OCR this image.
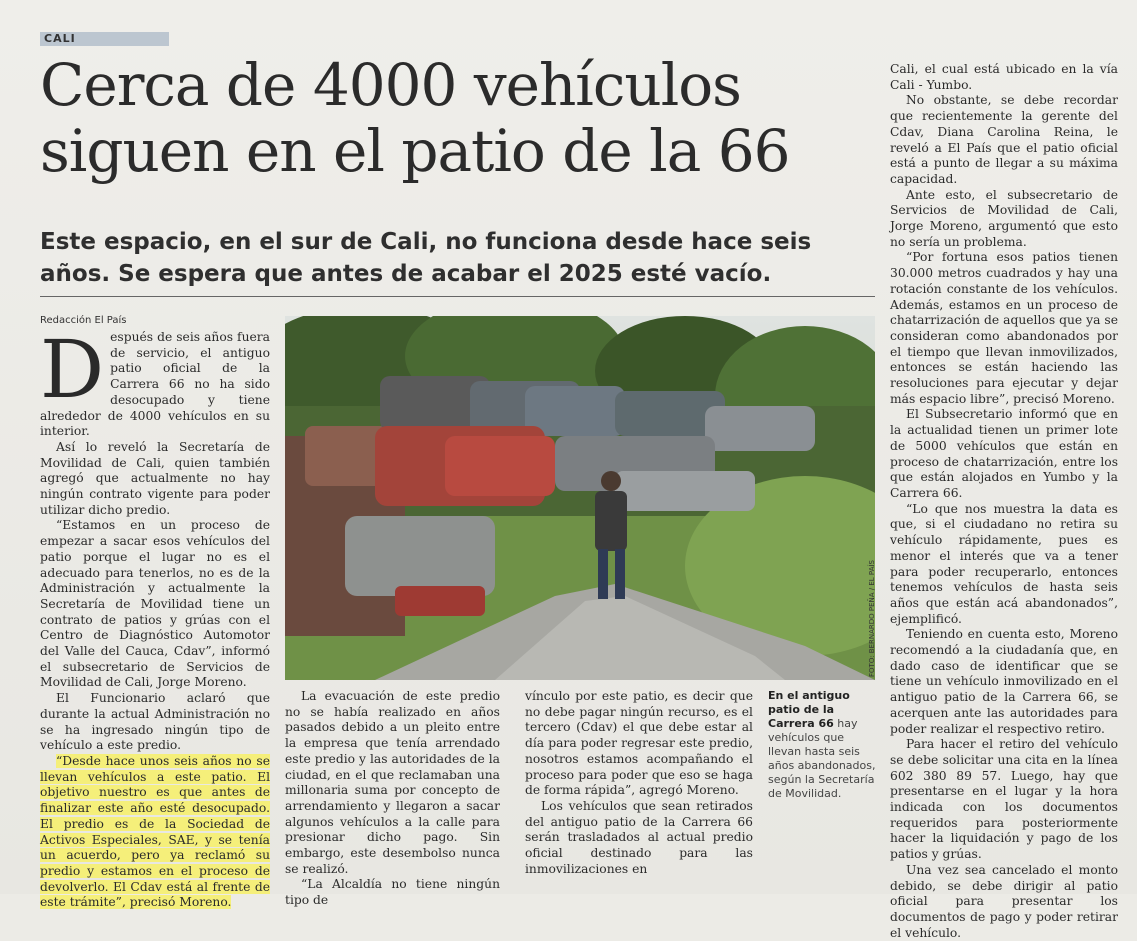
CALI
Cerca de 4000 vehículos siguen en el patio de la 66
Este espacio, en el sur de Cali, no funciona desde hace seis años. Se espera que antes de acabar el 2025 esté vacío.
Redacción El País

Después de seis años fuera de servicio, el antiguo patio oficial de la Carrera 66 no ha sido desocupado y tiene alrededor de 4000 vehículos en su interior.

Así lo reveló la Secretaría de Movilidad de Cali, quien también agregó que actualmente no hay ningún contrato vigente para poder utilizar dicho predio.

“Estamos en un proceso de empezar a sacar esos vehículos del patio porque el lugar no es el adecuado para tenerlos, no es de la Administración y actualmente la Secretaría de Movilidad tiene un contrato de patios y grúas con el Centro de Diagnóstico Automotor del Valle del Cauca, Cdav”, informó el subsecretario de Servicios de Movilidad de Cali, Jorge Moreno.

El Funcionario aclaró que durante la actual Administración no se ha ingresado ningún tipo de vehículo a este predio.

“Desde hace unos seis años no se llevan vehículos a este patio. El objetivo nuestro es que antes de finalizar este año esté desocupado. El predio es de la Sociedad de Activos Especiales, SAE, y se tenía un acuerdo, pero ya reclamó su predio y estamos en el proceso de devolverlo. El Cdav está al frente de este trámite”, precisó Moreno.

FOTO: BERNARDO PEÑA / EL PAÍS

La evacuación de este predio no se había realizado en años pasados debido a un pleito entre la empresa que tenía arrendado este predio y las autoridades de la ciudad, en el que reclamaban una millonaria suma por concepto de arrendamiento y llegaron a sacar algunos vehículos a la calle para presionar dicho pago. Sin embargo, este desembolso nunca se realizó.

“La Alcaldía no tiene ningún tipo de

vínculo por este patio, es decir que no debe pagar ningún recurso, es el tercero (Cdav) el que debe estar al día para poder regresar este predio, nosotros estamos acompañando el proceso para poder que eso se haga de forma rápida”, agregó Moreno.

Los vehículos que sean retirados del antiguo patio de la Carrera 66 serán trasladados al actual predio oficial destinado para las inmovilizaciones en

En el antiguo patio de la Carrera 66 hay vehículos que llevan hasta seis años abandonados, según la Secretaría de Movilidad.

Cali, el cual está ubicado en la vía Cali - Yumbo.

No obstante, se debe recordar que recientemente la gerente del Cdav, Diana Carolina Reina, le reveló a El País que el patio oficial está a punto de llegar a su máxima capacidad.

Ante esto, el subsecretario de Servicios de Movilidad de Cali, Jorge Moreno, argumentó que esto no sería un problema.

“Por fortuna esos patios tienen 30.000 metros cuadrados y hay una rotación constante de los vehículos. Además, estamos en un proceso de chatarrización de aquellos que ya se consideran como abandonados por el tiempo que llevan inmovilizados, entonces se están haciendo las resoluciones para ejecutar y dejar más espacio libre”, precisó Moreno.

El Subsecretario informó que en la actualidad tienen un primer lote de 5000 vehículos que están en proceso de chatarrización, entre los que están alojados en Yumbo y la Carrera 66.

“Lo que nos muestra la data es que, si el ciudadano no retira su vehículo rápidamente, pues es menor el interés que va a tener para poder recuperarlo, entonces tenemos vehículos de hasta seis años que están acá abandonados”, ejemplificó.

Teniendo en cuenta esto, Moreno recomendó a la ciudadanía que, en dado caso de identificar que se tiene un vehículo inmovilizado en el antiguo patio de la Carrera 66, se acerquen ante las autoridades para poder realizar el respectivo retiro.

Para hacer el retiro del vehículo se debe solicitar una cita en la línea 602 380 89 57. Luego, hay que presentarse en el lugar y la hora indicada con los documentos requeridos para posteriormente hacer la liquidación y pago de los patios y grúas.

Una vez sea cancelado el monto debido, se debe dirigir al patio oficial para presentar los documentos de pago y poder retirar el vehículo.
